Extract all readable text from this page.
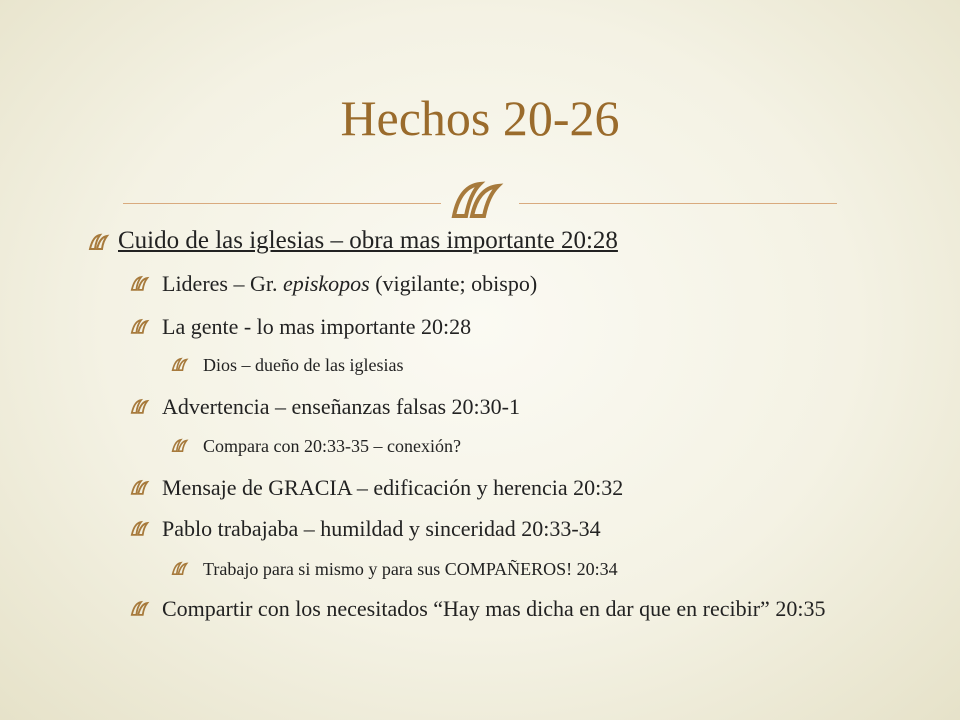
Hechos 20-26
Cuido de las iglesias – obra mas importante 20:28
Lideres – Gr. episkopos (vigilante; obispo)
La gente - lo mas importante 20:28
Dios – dueño de las iglesias
Advertencia – enseñanzas falsas 20:30-1
Compara con 20:33-35 – conexión?
Mensaje de GRACIA – edificación y herencia 20:32
Pablo trabajaba – humildad y sinceridad 20:33-34
Trabajo para si mismo y para sus COMPAÑEROS! 20:34
Compartir con los necesitados “Hay mas dicha en dar que en recibir” 20:35
